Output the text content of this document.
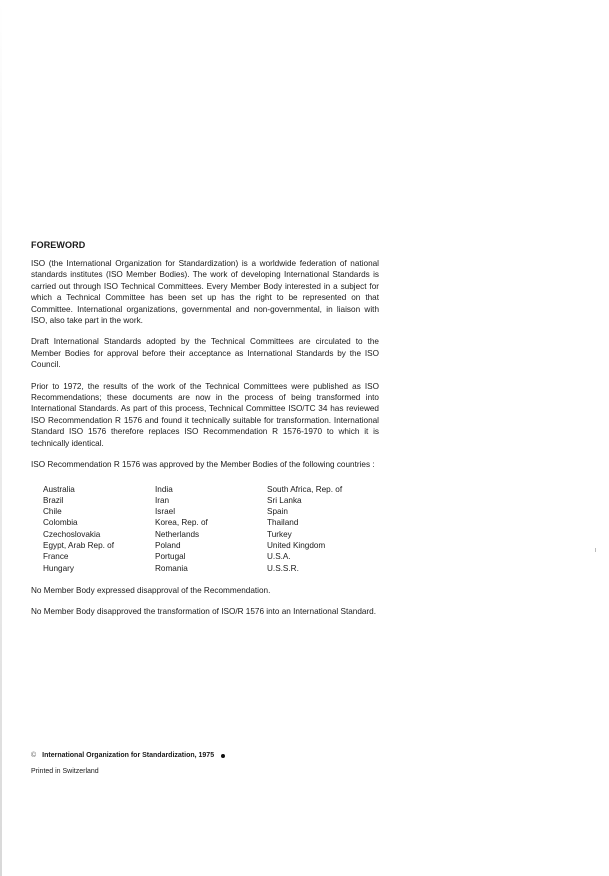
FOREWORD

ISO (the International Organization for Standardization) is a worldwide federation of national standards institutes (ISO Member Bodies). The work of developing International Standards is carried out through ISO Technical Committees. Every Member Body interested in a subject for which a Technical Committee has been set up has the right to be represented on that Committee. International organizations, governmental and non-governmental, in liaison with ISO, also take part in the work.

Draft International Standards adopted by the Technical Committees are circulated to the Member Bodies for approval before their acceptance as International Standards by the ISO Council.

Prior to 1972, the results of the work of the Technical Committees were published as ISO Recommendations; these documents are now in the process of being transformed into International Standards. As part of this process, Technical Committee ISO/TC 34 has reviewed ISO Recommendation R 1576 and found it technically suitable for transformation. International Standard ISO 1576 therefore replaces ISO Recommendation R 1576-1970 to which it is technically identical.

ISO Recommendation R 1576 was approved by the Member Bodies of the following countries :

Australia
Brazil
Chile
Colombia
Czechoslovakia
Egypt, Arab Rep. of
France
Hungary
India
Iran
Israel
Korea, Rep. of
Netherlands
Poland
Portugal
Romania
South Africa, Rep. of
Sri Lanka
Spain
Thailand
Turkey
United Kingdom
U.S.A.
U.S.S.R.

No Member Body expressed disapproval of the Recommendation.

No Member Body disapproved the transformation of ISO/R 1576 into an International Standard.

© International Organization for Standardization, 1975
Printed in Switzerland
